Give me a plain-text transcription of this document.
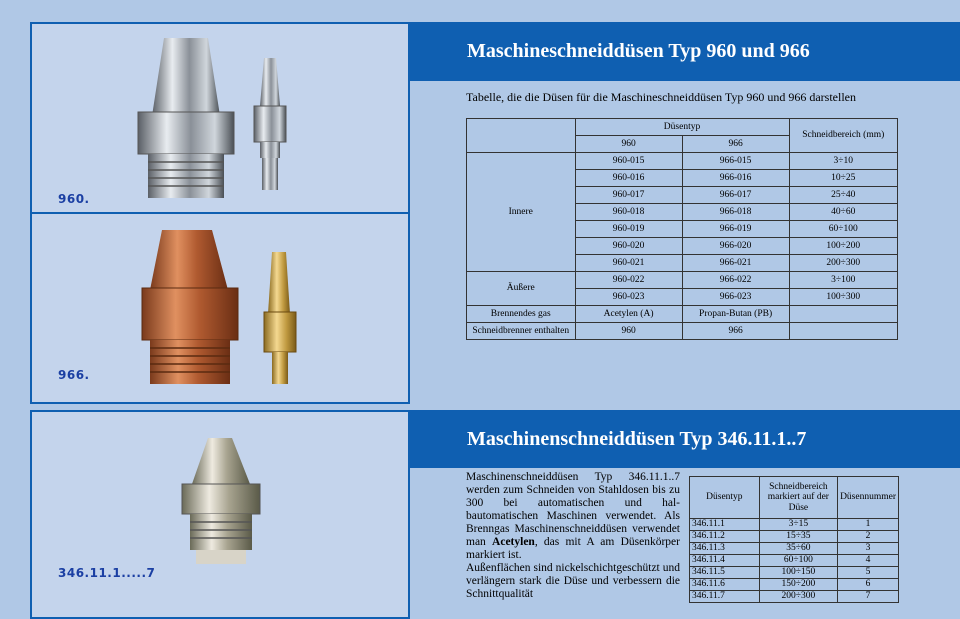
960.
966.
346.11.1.....7
Maschineschneiddüsen Typ 960 und 966
Tabelle, die die Düsen für die Maschineschneiddüsen Typ 960 und 966 darstellen
	Düsentyp		Schneidbereich (mm)
	960	966	
Innere	960-015	966-015	3÷10
	960-016	966-016	10÷25
	960-017	966-017	25÷40
	960-018	966-018	40÷60
	960-019	966-019	60÷100
	960-020	966-020	100÷200
	960-021	966-021	200÷300
Äußere	960-022	966-022	3÷100
	960-023	966-023	100÷300
Brennendes gas	Acetylen (A)	Propan-Butan (PB)	
Schneidbrenner enthalten	960	966	
Maschinenschneiddüsen Typ 346.11.1..7
Maschinenschneiddüsen Typ 346.11.1..7 werden zum Schneiden von Stahldosen bis zu 300 bei automatischen und hal-bautomatischen Maschinen verwendet. Als Brenngas Maschinenschneiddüsen verwendet man Acetylen, das mit A am Düsenkörper markiert ist.
Außenflächen sind nickelschichtgeschützt und verlängern stark die Düse und verbessern die Schnittqualität
Düsentyp	Schneidbereich markiert auf der Düse	Düsennummer
346.11.1	3÷15	1
346.11.2	15÷35	2
346.11.3	35÷60	3
346.11.4	60÷100	4
346.11.5	100÷150	5
346.11.6	150÷200	6
346.11.7	200÷300	7
